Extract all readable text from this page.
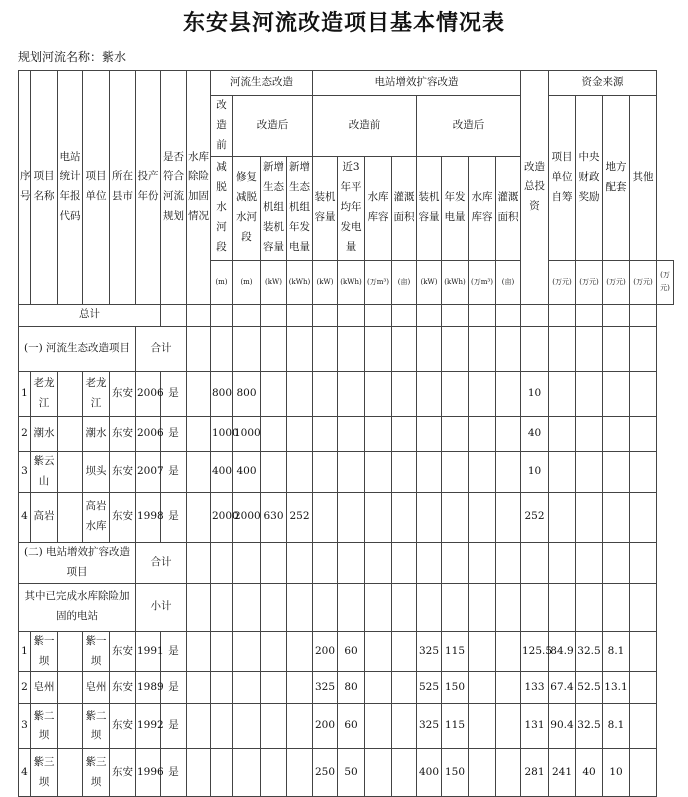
东安县河流改造项目基本情况表
规划河流名称：紫水
序号	项目名称	电站统计年报代码	项目单位	所在县市	投产年份	是否符合河流规划	水库除险加固情况	河流生态改造				电站增效扩容改造								改造总投资	资金来源				
								改造前	改造后			改造前				改造后					项目单位自筹	中央财政奖励	地方配套	其他	
								减脱水河段	修复减脱水河段	新增生态机组装机容量	新增生态机组年发电量	装机容量	近3年平均年发电量	水库库容	灌溉面积	装机容量	年发电量	水库库容	灌溉面积						
								(m)	(m)	(kW)	(kWh)	(kW)	(kWh)	(万m³)	(亩)	(kW)	(kWh)	(万m³)	(亩)		(万元)	(万元)	(万元)	(万元)	(万元)
总计																									
(一) 河流生态改造项目					合计																				
1	老龙江		老龙江	东安	2006	是		800	800											10					
2	潮水		潮水	东安	2006	是		1000	1000											40					
3	紫云山		坝头	东安	2007	是		400	400											10					
4	高岩		高岩水库	东安	1998	是		2000	2000	630	252									252					
(二) 电站增效扩容改造项目					合计																				
其中已完成水库除险加固的电站					小计																				
1	紫一坝		紫一坝	东安	1991	是						200	60			325	115			125.5	84.9	32.5	8.1		
2	皂州		皂州	东安	1989	是						325	80			525	150			133	67.4	52.5	13.1		
3	紫二坝		紫二坝	东安	1992	是						200	60			325	115			131	90.4	32.5	8.1		
4	紫三坝		紫三坝	东安	1996	是						250	50			400	150			281	241	40	10		
